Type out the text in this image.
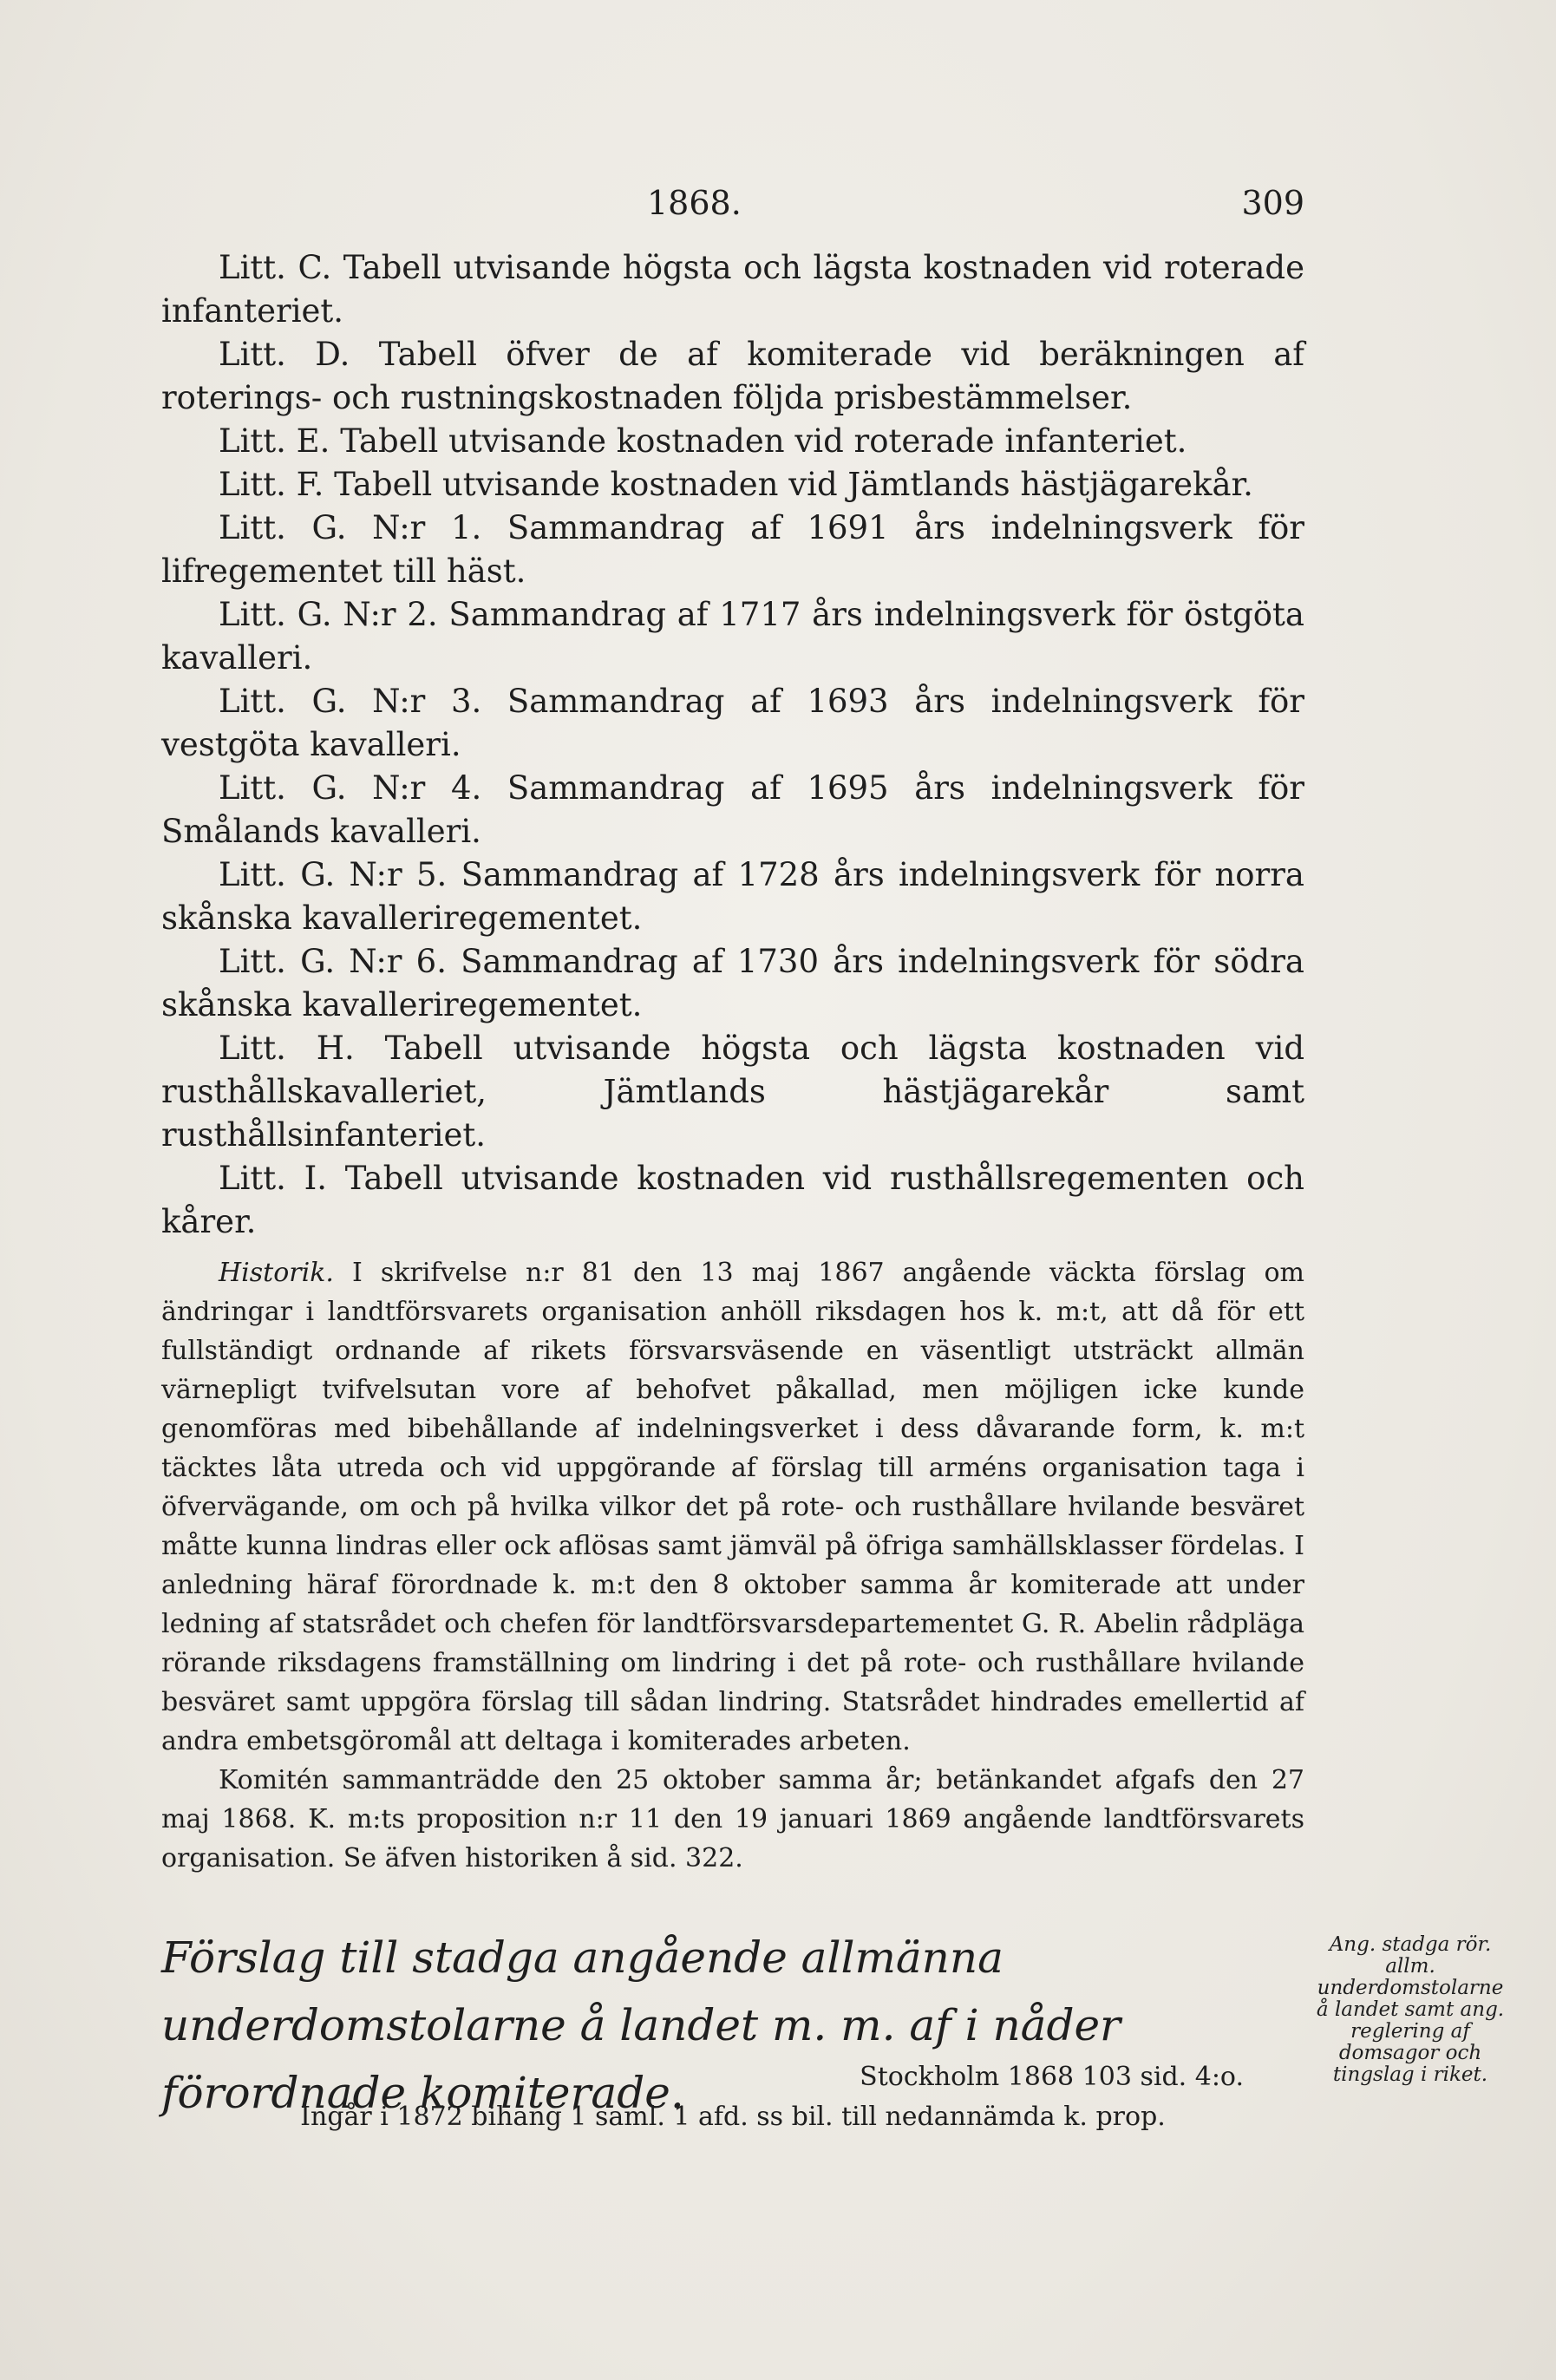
1868.	309

Litt. C. Tabell utvisande högsta och lägsta kostnaden vid roterade infanteriet.

Litt. D. Tabell öfver de af komiterade vid beräkningen af roterings- och rustningskostnaden följda prisbestämmelser.

Litt. E. Tabell utvisande kostnaden vid roterade infanteriet.

Litt. F. Tabell utvisande kostnaden vid Jämtlands hästjägarekår.

Litt. G. N:r 1. Sammandrag af 1691 års indelningsverk för lifregementet till häst.

Litt. G. N:r 2. Sammandrag af 1717 års indelningsverk för östgöta kavalleri.

Litt. G. N:r 3. Sammandrag af 1693 års indelningsverk för vestgöta kavalleri.

Litt. G. N:r 4. Sammandrag af 1695 års indelningsverk för Smålands kavalleri.

Litt. G. N:r 5. Sammandrag af 1728 års indelningsverk för norra skånska kavalleriregementet.

Litt. G. N:r 6. Sammandrag af 1730 års indelningsverk för södra skånska kavalleriregementet.

Litt. H. Tabell utvisande högsta och lägsta kostnaden vid rusthållskavalleriet, Jämtlands hästjägarekår samt rusthållsinfanteriet.

Litt. I. Tabell utvisande kostnaden vid rusthållsregementen och kårer.

Historik. I skrifvelse n:r 81 den 13 maj 1867 angående väckta förslag om ändringar i landtförsvarets organisation anhöll riksdagen hos k. m:t, att då för ett fullständigt ordnande af rikets försvarsväsende en väsentligt utsträckt allmän värnepligt tvifvelsutan vore af behofvet påkallad, men möjligen icke kunde genomföras med bibehållande af indelningsverket i dess dåvarande form, k. m:t täcktes låta utreda och vid uppgörande af förslag till arméns organisation taga i öfvervägande, om och på hvilka vilkor det på rote- och rusthållare hvilande besväret måtte kunna lindras eller ock aflösas samt jämväl på öfriga samhällsklasser fördelas. I anledning häraf förordnade k. m:t den 8 oktober samma år komiterade att under ledning af statsrådet och chefen för landtförsvarsdepartementet G. R. Abelin rådpläga rörande riksdagens framställning om lindring i det på rote- och rusthållare hvilande besväret samt uppgöra förslag till sådan lindring. Statsrådet hindrades emellertid af andra embetsgöromål att deltaga i komiterades arbeten.

Komitén sammanträdde den 25 oktober samma år; betänkandet afgafs den 27 maj 1868. K. m:ts proposition n:r 11 den 19 januari 1869 angående landtförsvarets organisation. Se äfven historiken å sid. 322.

Förslag till stadga angående allmänna underdomstolarne å landet m. m. af i nåder förordnade komiterade.	Stockholm 1868 103 sid. 4:o.
Ingår i 1872 bihang 1 saml. 1 afd. ss bil. till nedannämda k. prop.
Ang. stadga rör. allm. underdomstolarne å landet samt ang. reglering af domsagor och tingslag i riket.
